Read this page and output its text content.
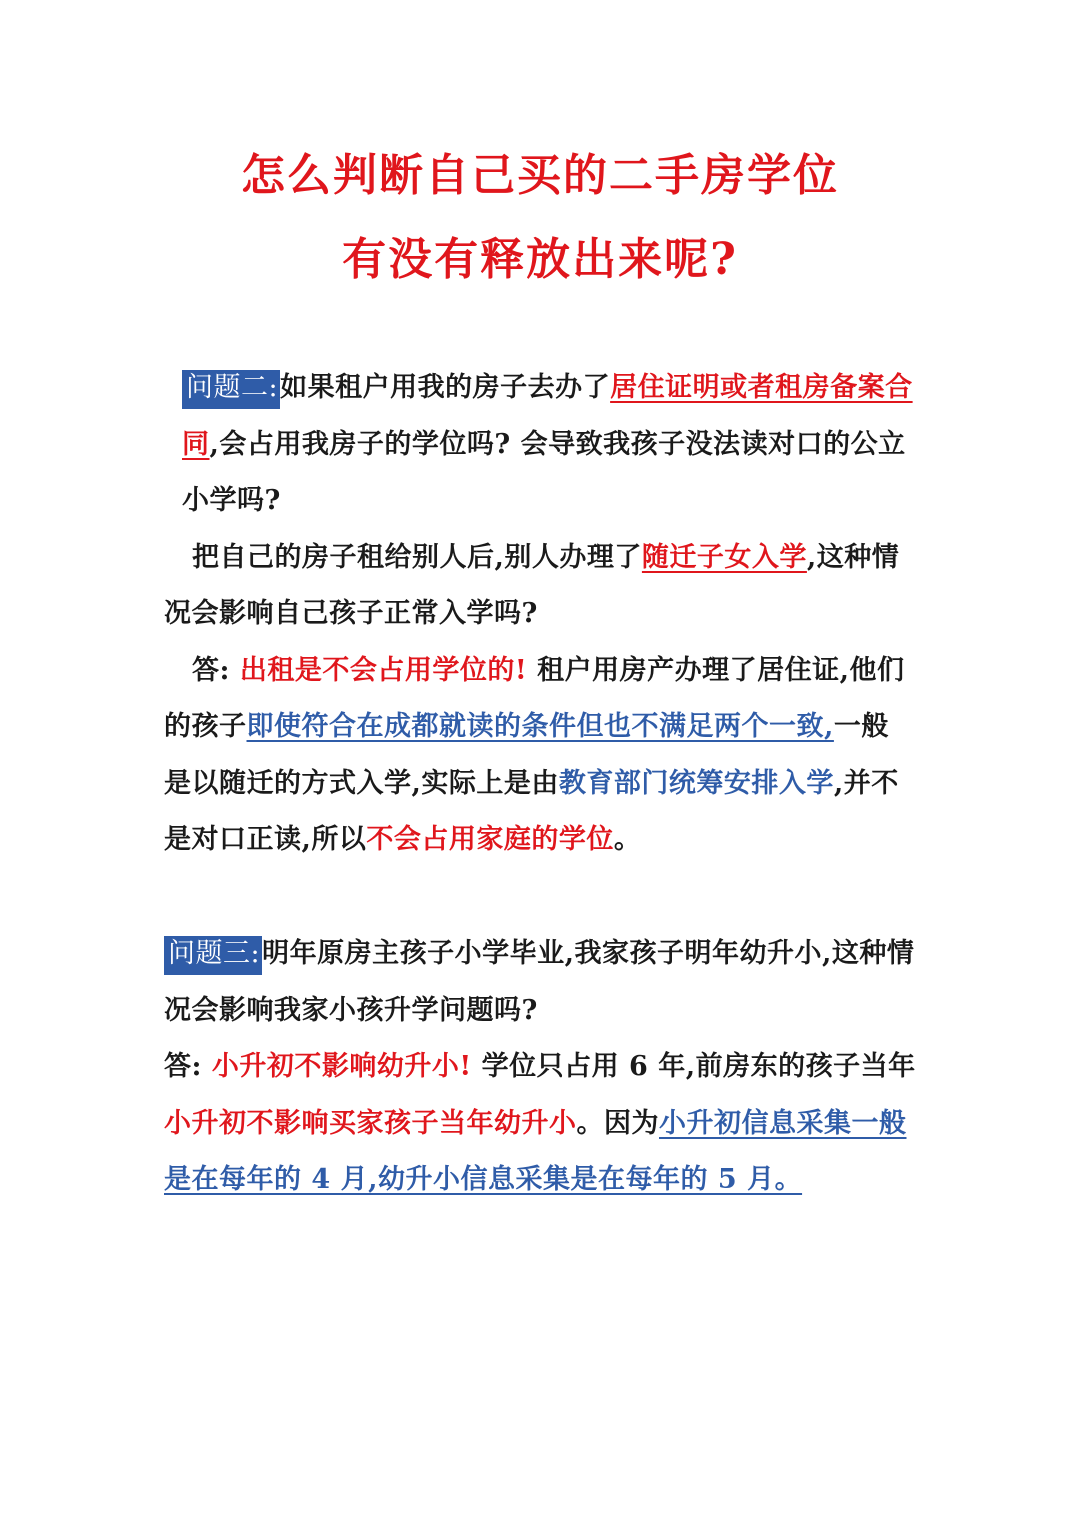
怎么判断自己买的二手房学位
有没有释放出来呢?

问题二:如果租户用我的房子去办了居住证明或者租房备案合同,会占用我房子的学位吗? 会导致我孩子没法读对口的公立小学吗?

把自己的房子租给别人后,别人办理了随迁子女入学,这种情况会影响自己孩子正常入学吗?

答: 出租是不会占用学位的! 租户用房产办理了居住证,他们的孩子即使符合在成都就读的条件但也不满足两个一致,一般是以随迁的方式入学,实际上是由教育部门统筹安排入学,并不是对口正读,所以不会占用家庭的学位。

问题三:明年原房主孩子小学毕业,我家孩子明年幼升小,这种情况会影响我家小孩升学问题吗?

答: 小升初不影响幼升小! 学位只占用 6 年,前房东的孩子当年小升初不影响买家孩子当年幼升小。因为小升初信息采集一般是在每年的 4 月,幼升小信息采集是在每年的 5 月。
